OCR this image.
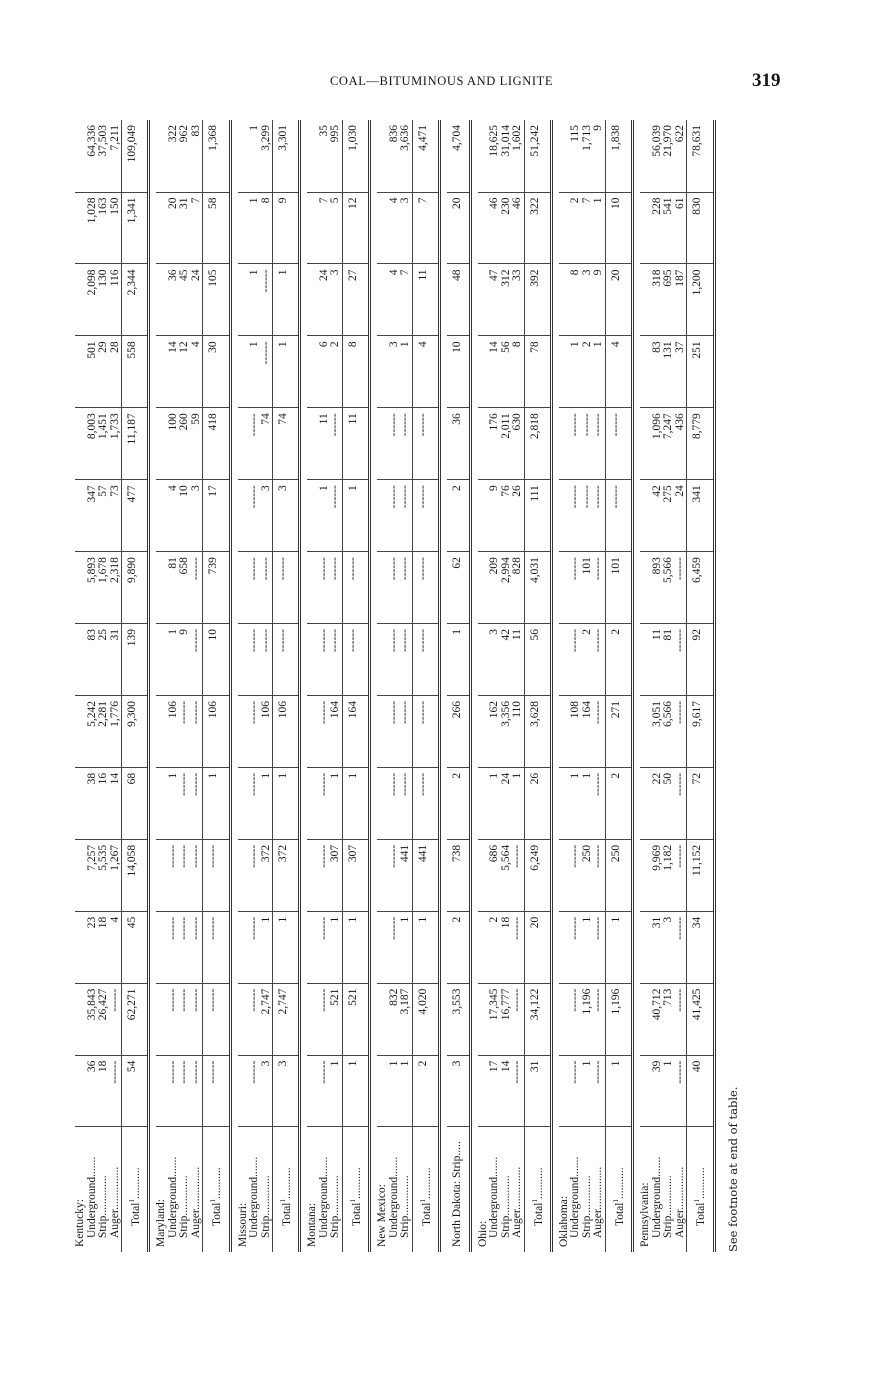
COAL—BITUMINOUS AND LIGNITE	319
Kentucky:														
Underground.......	36	35,843	23	7,257	38	5,242	83	5,893	347	8,003	501	2,098	1,028	64,336
Strip..............	18	26,427	18	5,535	16	2,281	25	1,678	57	1,451	29	130	163	37,503
Auger...............	------	------	4	1,267	14	1,776	31	2,318	73	1,733	28	116	150	7,211
Total$^1$...........	54	62,271	45	14,058	68	9,300	139	9,890	477	11,187	558	2,344	1,341	109,049

Maryland:														
Underground.......	------	------	------	------	1	106	1	81	4	100	14	36	20	322
Strip..............	------	------	------	------	------	------	9	658	10	260	12	45	31	962
Auger...............	------	------	------	------	------	------	------	------	3	59	4	24	7	83
Total$^1$...........	------	------	------	------	1	106	10	739	17	418	30	105	58	1,368

Missouri:														
Underground.......	------	------	------	------	------	------	------	------	------	------	1	1	1	1
Strip..............	3	2,747	1	372	1	106	------	------	3	74	------	------	8	3,299
Total$^1$...........	3	2,747	1	372	1	106	------	------	3	74	1	1	9	3,301

Montana:														
Underground.......	------	------	------	------	------	------	------	------	1	11	6	24	7	35
Strip..............	1	521	1	307	1	164	------	------	------	------	2	3	5	995
Total$^1$...........	1	521	1	307	1	164	------	------	1	11	8	27	12	1,030

New Mexico:														
Underground.......	1	832	------	------	------	------	------	------	------	------	3	4	4	836
Strip..............	1	3,187	1	441	------	------	------	------	------	------	1	7	3	3,636
Total$^1$...........	2	4,020	1	441	------	------	------	------	------	------	4	11	7	4,471

North Dakota: Strip.....	3	3,553	2	738	2	266	1	62	2	36	10	48	20	4,704

Ohio:														
Underground.......	17	17,345	2	686	1	162	3	209	9	176	14	47	46	18,625
Strip..............	14	16,777	18	5,564	24	3,356	42	2,994	76	2,011	56	312	230	31,014
Auger...............	------	------	------	------	1	110	11	828	26	630	8	33	46	1,602
Total$^1$...........	31	34,122	20	6,249	26	3,628	56	4,031	111	2,818	78	392	322	51,242

Oklahoma:														
Underground.......	------	------	------	------	1	108	------	------	------	------	1	8	2	115
Strip..............	1	1,196	1	250	1	164	2	101	------	------	2	3	7	1,713
Auger...............	------	------	------	------	------	------	------	------	------	------	1	9	1	9
Total$^1$...........	1	1,196	1	250	2	271	2	101	------	------	4	20	10	1,838

Pennsylvania:														
Underground.......	39	40,712	31	9,969	22	3,051	11	893	42	1,096	83	318	228	56,039
Strip..............	1	713	3	1,182	50	6,566	81	5,566	275	7,247	131	695	541	21,970
Auger...............	------	------	------	------	------	------	------	------	24	436	37	187	61	622
Total$^1$...........	40	41,425	34	11,152	72	9,617	92	6,459	341	8,779	251	1,200	830	78,631

See footnote at end of table.
